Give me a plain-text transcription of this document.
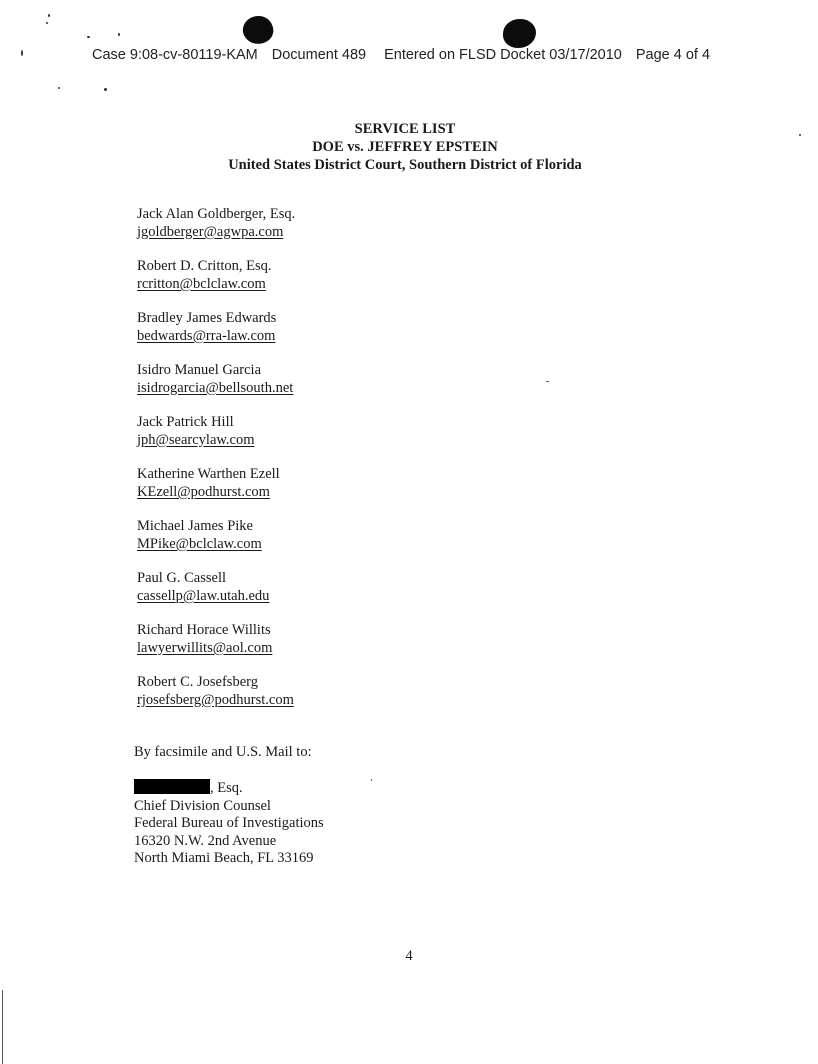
Case 9:08-cv-80119-KAM Document 489 Entered on FLSD Docket 03/17/2010 Page 4 of 4
SERVICE LIST
DOE vs. JEFFREY EPSTEIN
United States District Court, Southern District of Florida
Jack Alan Goldberger, Esq.
jgoldberger@agwpa.com
Robert D. Critton, Esq.
rcritton@bclclaw.com
Bradley James Edwards
bedwards@rra-law.com
Isidro Manuel Garcia
isidrogarcia@bellsouth.net
Jack Patrick Hill
jph@searcylaw.com
Katherine Warthen Ezell
KEzell@podhurst.com
Michael James Pike
MPike@bclclaw.com
Paul G. Cassell
cassellp@law.utah.edu
Richard Horace Willits
lawyerwillits@aol.com
Robert C. Josefsberg
rjosefsberg@podhurst.com
By facsimile and U.S. Mail to:
, Esq.
Chief Division Counsel
Federal Bureau of Investigations
16320 N.W. 2nd Avenue
North Miami Beach, FL 33169
4
